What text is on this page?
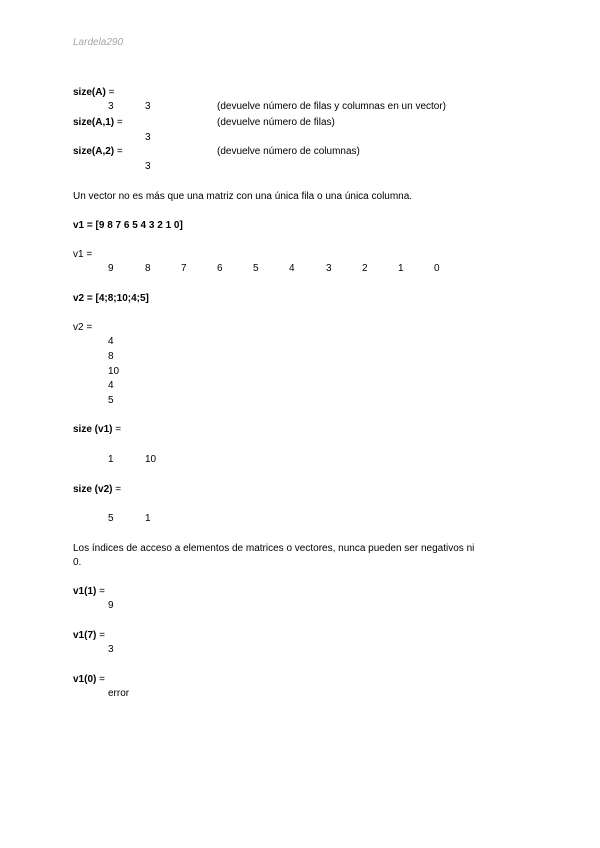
Lardela290
size(A) =
3	3	(devuelve número de filas y columnas en un vector)
size(A,1) =	(devuelve número de filas)
3
size(A,2) =	(devuelve número de columnas)
3
Un vector no es más que una matriz con una única fila o una única columna.
v1 = [9 8 7 6 5 4 3 2 1 0]
v1 =
9	8	7	6	5	4	3	2	1	0
v2 = [4;8;10;4;5]
v2 =
4
8
10
4
5
size (v1) =
1	10
size (v2) =
5	1
Los índices de acceso a elementos de matrices o vectores, nunca pueden ser negativos ni
0.
v1(1) =
9
v1(7) =
3
v1(0) =
error
